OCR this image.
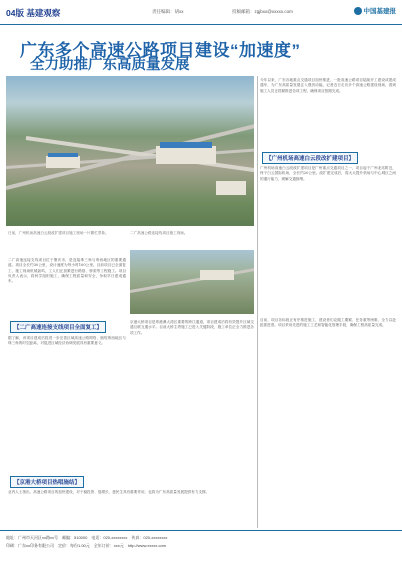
04版 基建观察	责任编辑：胡xx	投稿邮箱：zgjbxx@xxxxx.com	中国基建报
广东多个高速公路项目建设“加速度”
全力助推广东高质量发展
今年以来，广东各地重点交通项目加快推进，一批高速公路项目陆续开工建设或建成通车，为广东高质量发展注入强劲动能。记者近日走访多个高速公路建设现场，看到施工人员正抓紧推进各项工程，确保项目按期完成。
【广州机场高速白云段改扩建项目】
广州机场高速白云段改扩建项目是广州重点交通项目之一，项目起于广州北站附近，终于白云国际机场，全长约20公里。改扩建完成后，将大大提升机场与中心城区之间的通行能力，缓解交通拥堵。
目前，项目各标段正有序推进施工，建设者们克服工期紧、任务重等困难，全力以赴抢抓进度。项目采用先进的施工工艺和智能化管理手段，确保工程高质量完成。
日前，广州机场高速白云段改扩建项目施工现场一片繁忙景象。
二广高速连接支线项目位于肇庆市，是连接珠三角与粤西地区的重要通道。项目全长约30公里，设计速度为每小时100公里。目前项目已全面复工，施工现场机械轰鸣，工人们正加紧进行路基、桥梁等工程施工。项目负责人表示，将科学组织施工，确保工程质量和安全，争取早日建成通车。
【二广高速连接支线项目全面复工】
据了解，该项目建成后将进一步完善区域高速公路网络，缩短粤西地区与珠三角的时空距离，对促进区域经济协调发展具有重要意义。
二广高速公路连接线项目施工现场。
京港大桥项目是粤港澳大湾区重要的跨江通道，项目建成后将有效提升区域交通互联互通水平。目前大桥主塔施工已进入关键阶段，施工单位正全力推进各项工作。
【京港大桥项目热唱施结】
业内人士指出，高速公路项目的加快建设，对于稳投资、促增长、惠民生具有重要作用，也将为广东高质量发展提供有力支撑。
地址：广州市天河区xx路xx号　邮编：510000　电话：020-xxxxxxxx　传真：020-xxxxxxxx
印刷：广东xx印务有限公司　定价：每份1.00元　全年订价：xxx元　http://www.xxxxx.com
